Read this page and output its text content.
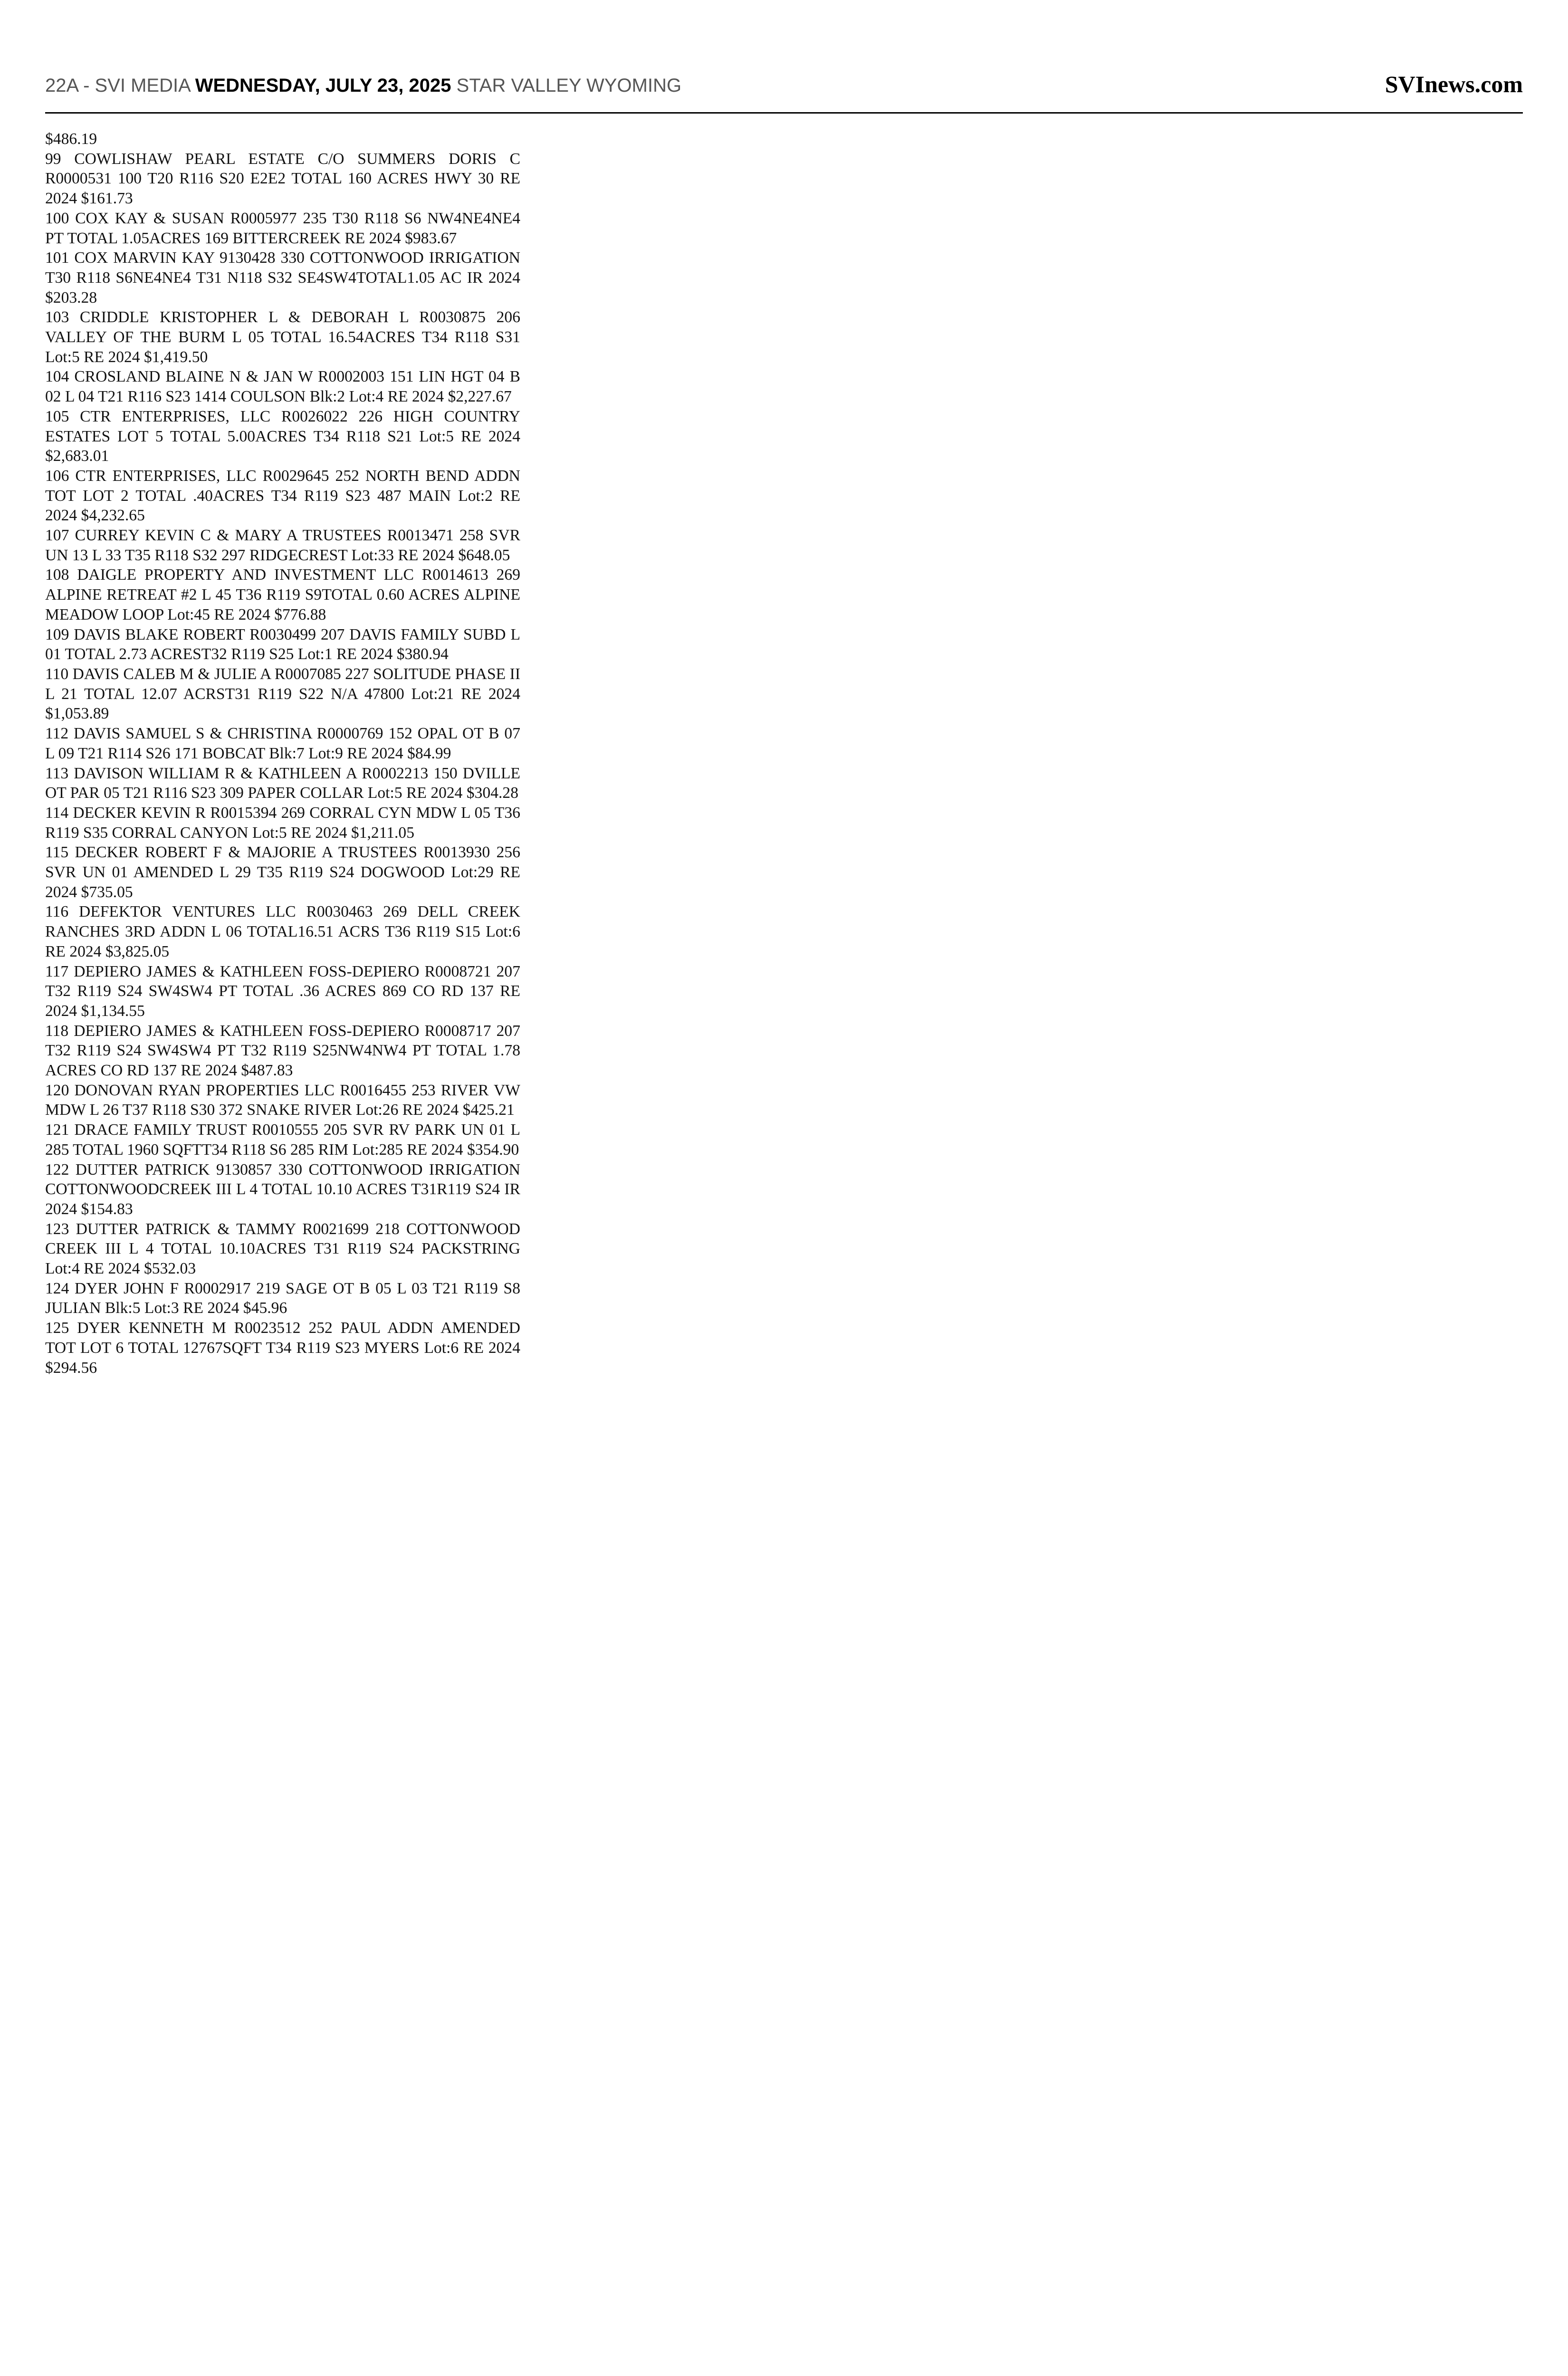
22A - SVI MEDIA WEDNESDAY, JULY 23, 2025 STAR VALLEY WYOMING	SVInews.com

$486.19

99 COWLISHAW PEARL ESTATE C/O SUMMERS DORIS C R0000531 100 T20 R116 S20 E2E2 TOTAL 160 ACRES HWY 30 RE 2024 $161.73

100 COX KAY & SUSAN R0005977 235 T30 R118 S6 NW4NE4NE4 PT TOTAL 1.05ACRES 169 BITTERCREEK RE 2024 $983.67

101 COX MARVIN KAY 9130428 330 COTTONWOOD IRRIGATION T30 R118 S6NE4NE4 T31 N118 S32 SE4SW4TOTAL1.05 AC IR 2024 $203.28

103 CRIDDLE KRISTOPHER L & DEBORAH L R0030875 206 VALLEY OF THE BURM L 05 TOTAL 16.54ACRES T34 R118 S31 Lot:5 RE 2024 $1,419.50

104 CROSLAND BLAINE N & JAN W R0002003 151 LIN HGT 04 B 02 L 04 T21 R116 S23 1414 COULSON Blk:2 Lot:4 RE 2024 $2,227.67

105 CTR ENTERPRISES, LLC R0026022 226 HIGH COUNTRY ESTATES LOT 5 TOTAL 5.00ACRES T34 R118 S21 Lot:5 RE 2024 $2,683.01

106 CTR ENTERPRISES, LLC R0029645 252 NORTH BEND ADDN TOT LOT 2 TOTAL .40ACRES T34 R119 S23 487 MAIN Lot:2 RE 2024 $4,232.65

107 CURREY KEVIN C & MARY A TRUSTEES R0013471 258 SVR UN 13 L 33 T35 R118 S32 297 RIDGECREST Lot:33 RE 2024 $648.05

108 DAIGLE PROPERTY AND INVESTMENT LLC R0014613 269 ALPINE RETREAT #2 L 45 T36 R119 S9TOTAL 0.60 ACRES ALPINE MEADOW LOOP Lot:45 RE 2024 $776.88

109 DAVIS BLAKE ROBERT R0030499 207 DAVIS FAMILY SUBD L 01 TOTAL 2.73 ACREST32 R119 S25 Lot:1 RE 2024 $380.94

110 DAVIS CALEB M & JULIE A R0007085 227 SOLITUDE PHASE II L 21 TOTAL 12.07 ACRST31 R119 S22 N/A 47800 Lot:21 RE 2024 $1,053.89

112 DAVIS SAMUEL S & CHRISTINA R0000769 152 OPAL OT B 07 L 09 T21 R114 S26 171 BOBCAT Blk:7 Lot:9 RE 2024 $84.99

113 DAVISON WILLIAM R & KATHLEEN A R0002213 150 DVILLE OT PAR 05 T21 R116 S23 309 PAPER COLLAR Lot:5 RE 2024 $304.28

114 DECKER KEVIN R R0015394 269 CORRAL CYN MDW L 05 T36 R119 S35 CORRAL CANYON Lot:5 RE 2024 $1,211.05

115 DECKER ROBERT F & MAJORIE A TRUSTEES R0013930 256 SVR UN 01 AMENDED L 29 T35 R119 S24 DOGWOOD Lot:29 RE 2024 $735.05

116 DEFEKTOR VENTURES LLC R0030463 269 DELL CREEK RANCHES 3RD ADDN L 06 TOTAL16.51 ACRS T36 R119 S15 Lot:6 RE 2024 $3,825.05

117 DEPIERO JAMES & KATHLEEN FOSS-DEPIERO R0008721 207 T32 R119 S24 SW4SW4 PT TOTAL .36 ACRES 869 CO RD 137 RE 2024 $1,134.55

118 DEPIERO JAMES & KATHLEEN FOSS-DEPIERO R0008717 207 T32 R119 S24 SW4SW4 PT T32 R119 S25NW4NW4 PT TOTAL 1.78 ACRES CO RD 137 RE 2024 $487.83

120 DONOVAN RYAN PROPERTIES LLC R0016455 253 RIVER VW MDW L 26 T37 R118 S30 372 SNAKE RIVER Lot:26 RE 2024 $425.21

121 DRACE FAMILY TRUST R0010555 205 SVR RV PARK UN 01 L 285 TOTAL 1960 SQFTT34 R118 S6 285 RIM Lot:285 RE 2024 $354.90

122 DUTTER PATRICK 9130857 330 COTTONWOOD IRRIGATION COTTONWOODCREEK III L 4 TOTAL 10.10 ACRES T31R119 S24 IR 2024 $154.83

123 DUTTER PATRICK & TAMMY R0021699 218 COTTONWOOD CREEK III L 4 TOTAL 10.10ACRES T31 R119 S24 PACKSTRING Lot:4 RE 2024 $532.03

124 DYER JOHN F R0002917 219 SAGE OT B 05 L 03 T21 R119 S8 JULIAN Blk:5 Lot:3 RE 2024 $45.96

125 DYER KENNETH M R0023512 252 PAUL ADDN AMENDED TOT LOT 6 TOTAL 12767SQFT T34 R119 S23 MYERS Lot:6 RE 2024 $294.56
